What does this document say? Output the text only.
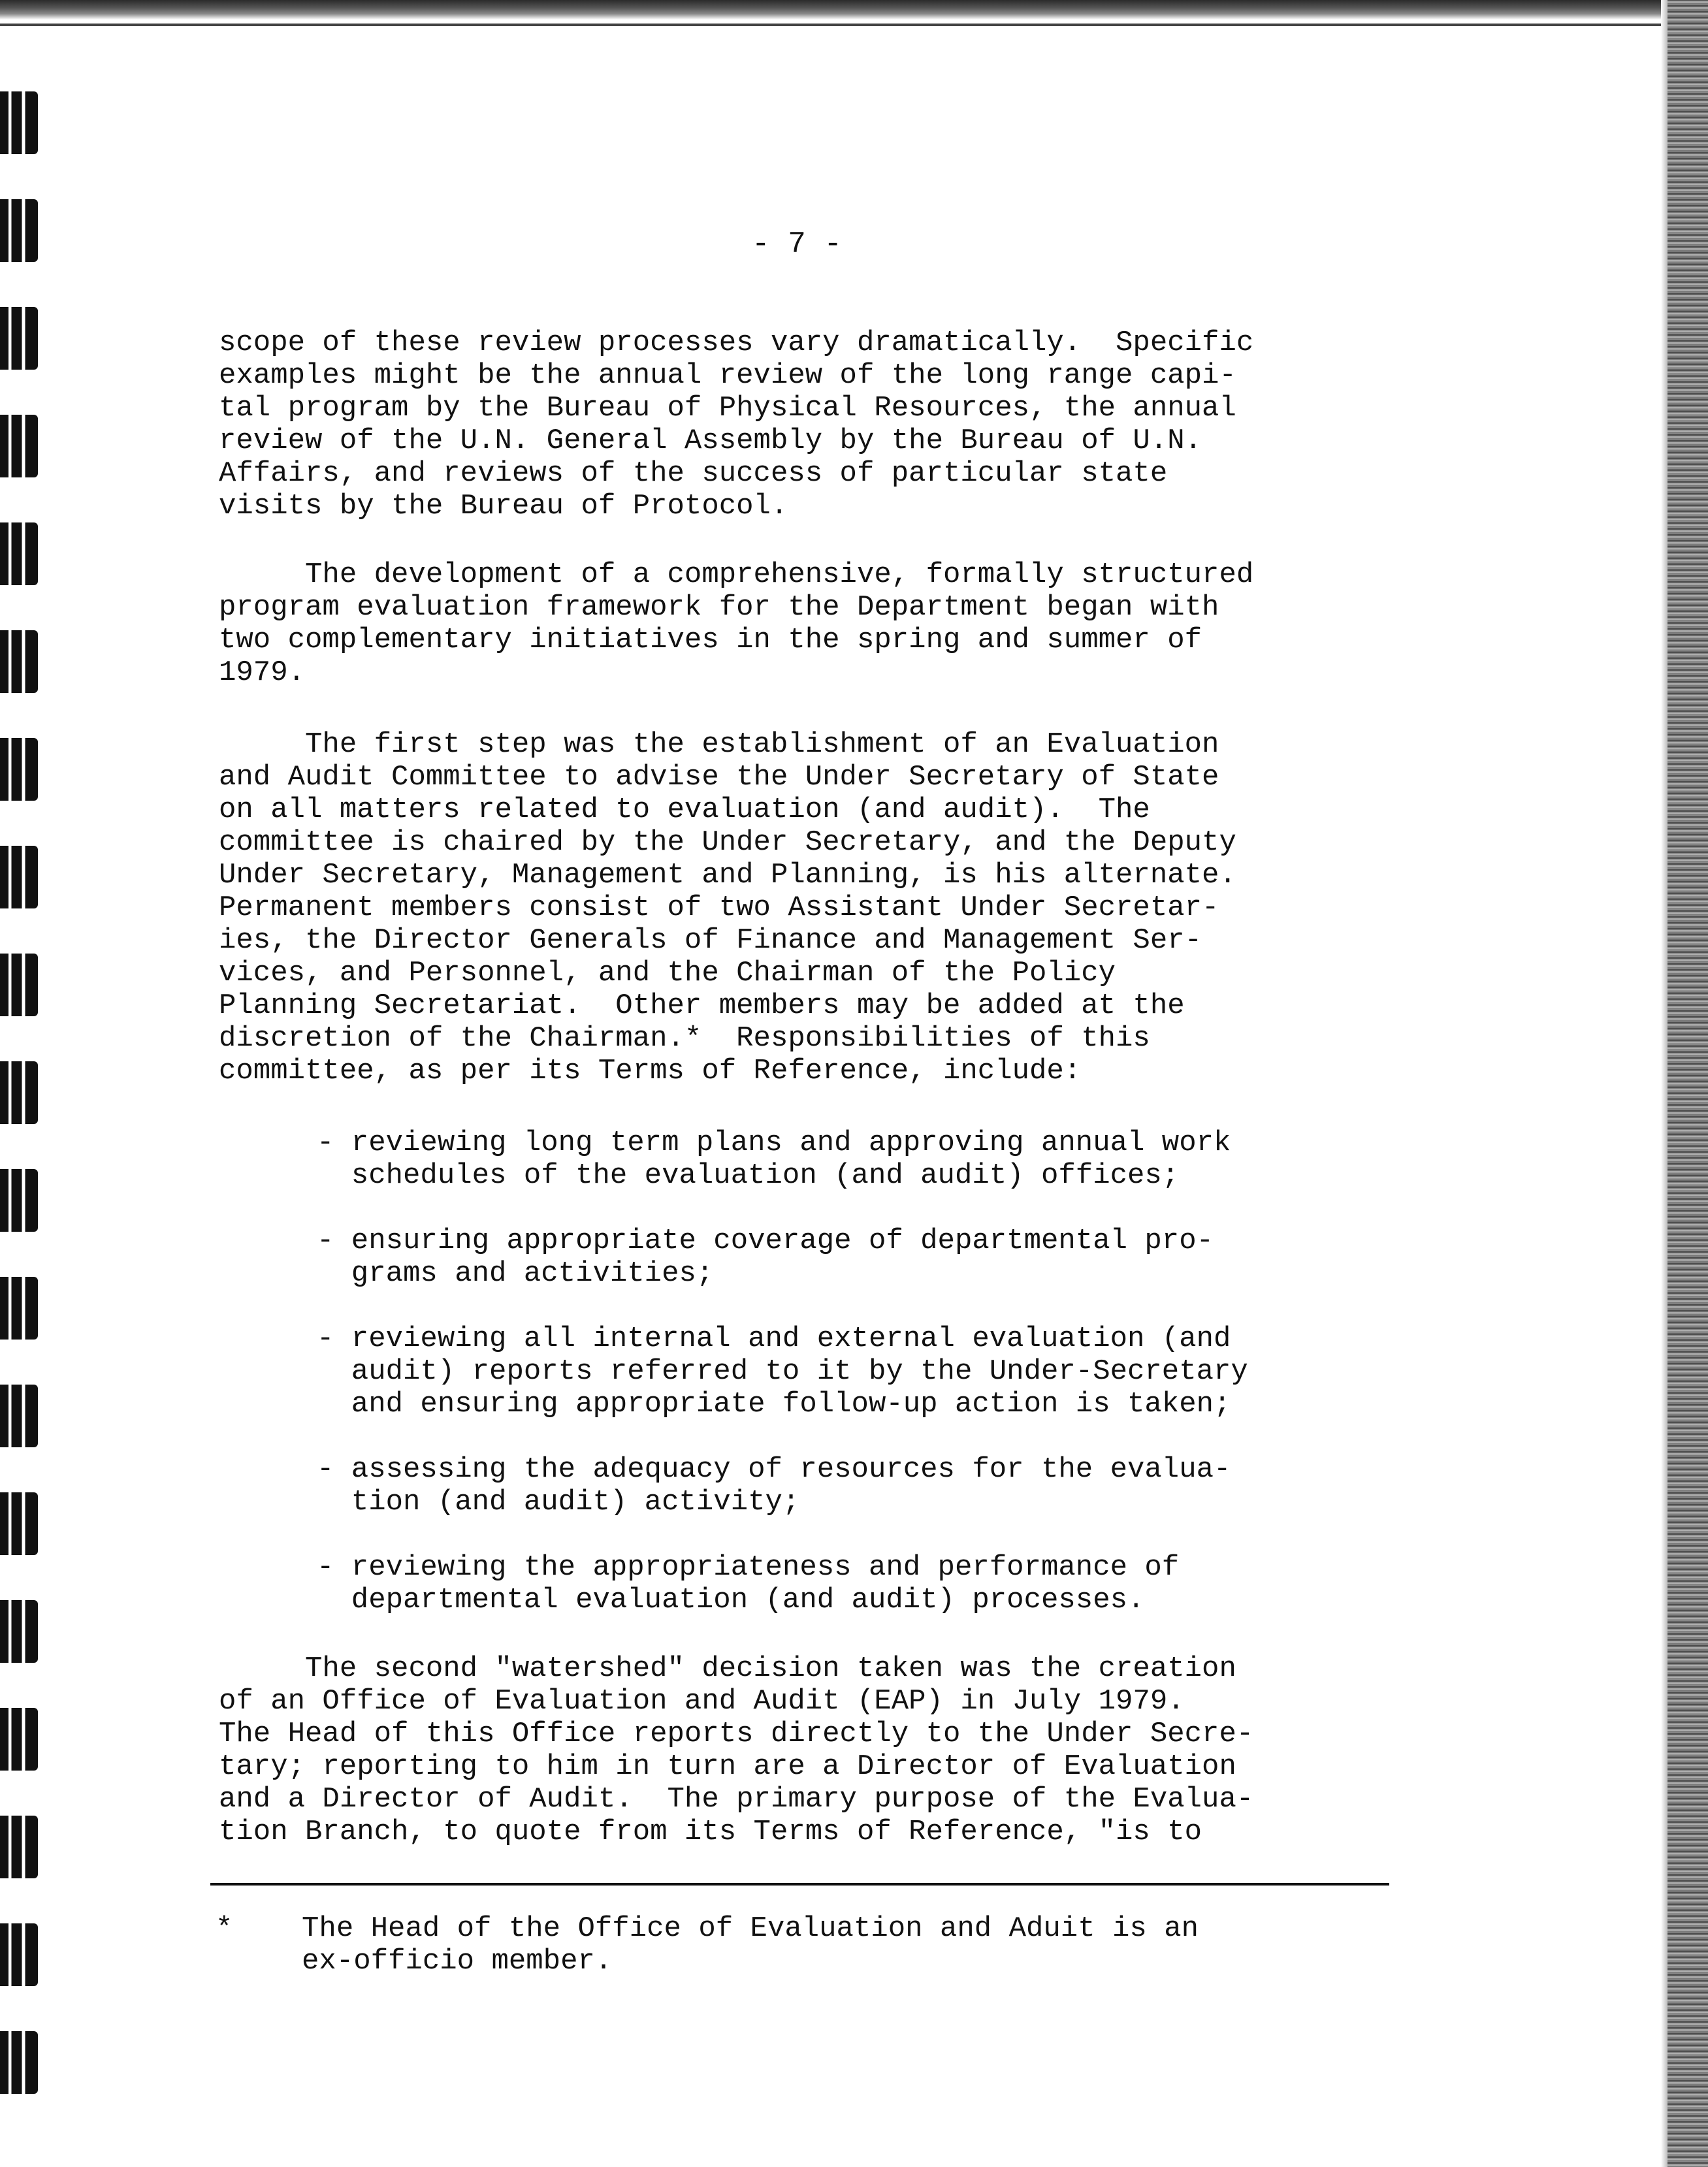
- 7 -
scope of these review processes vary dramatically.  Specific
examples might be the annual review of the long range capi-
tal program by the Bureau of Physical Resources, the annual
review of the U.N. General Assembly by the Bureau of U.N.
Affairs, and reviews of the success of particular state
visits by the Bureau of Protocol.
The development of a comprehensive, formally structured
program evaluation framework for the Department began with
two complementary initiatives in the spring and summer of
1979.
The first step was the establishment of an Evaluation
and Audit Committee to advise the Under Secretary of State
on all matters related to evaluation (and audit).  The
committee is chaired by the Under Secretary, and the Deputy
Under Secretary, Management and Planning, is his alternate.
Permanent members consist of two Assistant Under Secretar-
ies, the Director Generals of Finance and Management Ser-
vices, and Personnel, and the Chairman of the Policy
Planning Secretariat.  Other members may be added at the
discretion of the Chairman.*  Responsibilities of this
committee, as per its Terms of Reference, include:
- reviewing long term plans and approving annual work
schedules of the evaluation (and audit) offices;
- ensuring appropriate coverage of departmental pro-
grams and activities;
- reviewing all internal and external evaluation (and
audit) reports referred to it by the Under-Secretary
and ensuring appropriate follow-up action is taken;
- assessing the adequacy of resources for the evalua-
tion (and audit) activity;
- reviewing the appropriateness and performance of
departmental evaluation (and audit) processes.
The second "watershed" decision taken was the creation
of an Office of Evaluation and Audit (EAP) in July 1979.
The Head of this Office reports directly to the Under Secre-
tary; reporting to him in turn are a Director of Evaluation
and a Director of Audit.  The primary purpose of the Evalua-
tion Branch, to quote from its Terms of Reference, "is to
*    The Head of the Office of Evaluation and Aduit is an
ex-officio member.
